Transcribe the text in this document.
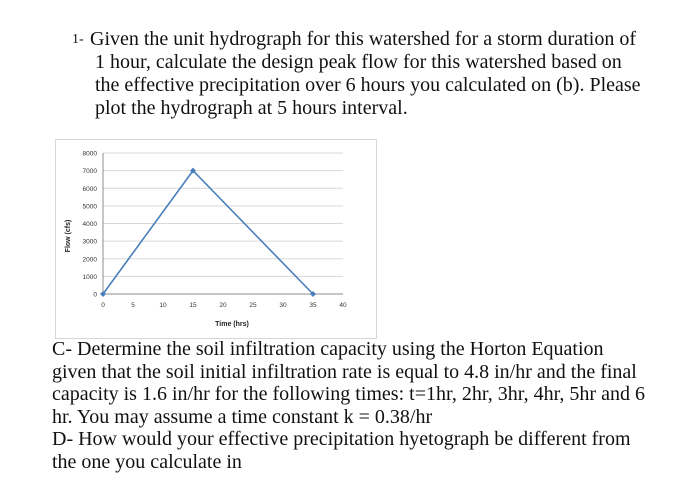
1- Given the unit hydrograph for this watershed for a storm duration of
1 hour, calculate the design peak flow for this watershed based on
the effective precipitation over 6 hours you calculated on (b). Please
plot the hydrograph at 5 hours interval.
0
1000
2000
3000
4000
5000
6000
7000
8000
0	5	10	15	20	25	30	35	40
Time (hrs)
Flow (cfs)
C- Determine the soil infiltration capacity using the Horton Equation
given that the soil initial infiltration rate is equal to 4.8 in/hr and the final
capacity is 1.6 in/hr for the following times: t=1hr, 2hr, 3hr, 4hr, 5hr and 6
hr. You may assume a time constant k = 0.38/hr
D- How would your effective precipitation hyetograph be different from
the one you calculate in
